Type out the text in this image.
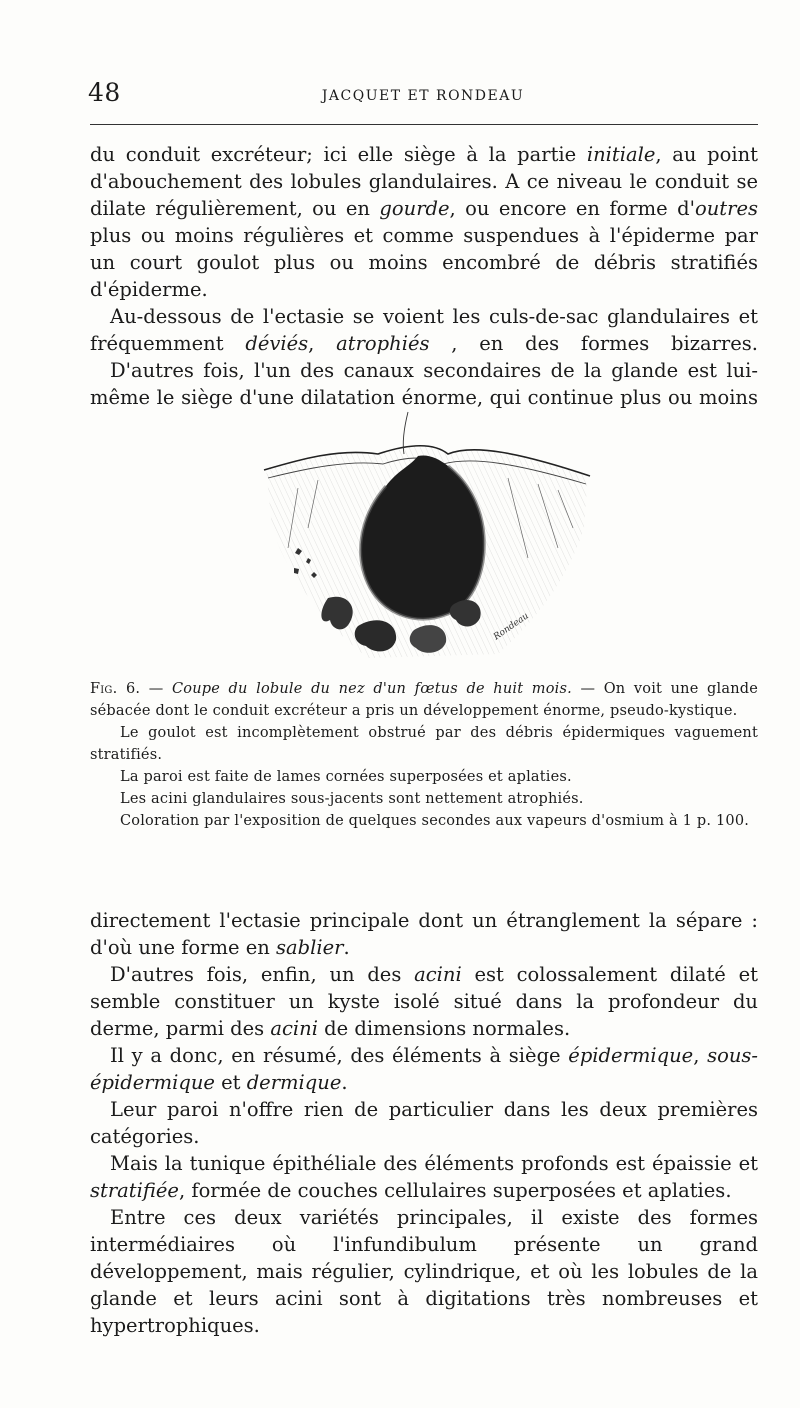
48	JACQUET ET RONDEAU

du conduit excréteur; ici elle siège à la partie initiale, au point d'abouchement des lobules glandulaires. A ce niveau le conduit se dilate régulièrement, ou en gourde, ou encore en forme d'outres plus ou moins régulières et comme suspendues à l'épiderme par un court goulot plus ou moins encombré de débris stratifiés d'épiderme.

Au-dessous de l'ectasie se voient les culs-de-sac glandulaires et fréquemment déviés, atrophiés , en des formes bizarres.

D'autres fois, l'un des canaux secondaires de la glande est lui-même le siège d'une dilatation énorme, qui continue plus ou moins

Rondeau

Fig. 6. — Coupe du lobule du nez d'un fœtus de huit mois. — On voit une glande sébacée dont le conduit excréteur a pris un développement énorme, pseudo-kystique.

Le goulot est incomplètement obstrué par des débris épidermiques vaguement stratifiés.

La paroi est faite de lames cornées superposées et aplaties.

Les acini glandulaires sous-jacents sont nettement atrophiés.

Coloration par l'exposition de quelques secondes aux vapeurs d'osmium à 1 p. 100.

directement l'ectasie principale dont un étranglement la sépare : d'où une forme en sablier.

D'autres fois, enfin, un des acini est colossalement dilaté et semble constituer un kyste isolé situé dans la profondeur du derme, parmi des acini de dimensions normales.

Il y a donc, en résumé, des éléments à siège épidermique, sous-épidermique et dermique.

Leur paroi n'offre rien de particulier dans les deux premières catégories.

Mais la tunique épithéliale des éléments profonds est épaissie et stratifiée, formée de couches cellulaires superposées et aplaties.

Entre ces deux variétés principales, il existe des formes intermédiaires où l'infundibulum présente un grand développement, mais régulier, cylindrique, et où les lobules de la glande et leurs acini sont à digitations très nombreuses et hypertrophiques.
